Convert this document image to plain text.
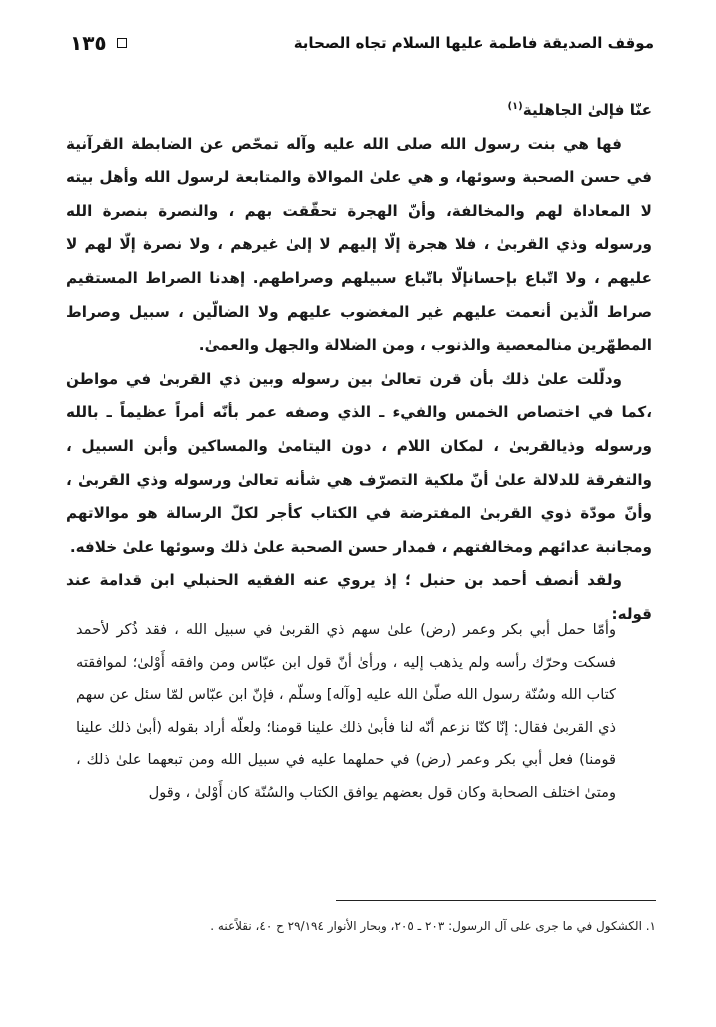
موقف الصديقة فاطمة عليها السلام تجاه الصحابة
١٣٥

عنّا فإلىٰ الجاهلية$^{(١)}$

فها هي بنت رسول الله صلى الله عليه وآله تمحّص عن الضابطة القرآنية في حسن الصحبة وسوئها، و هي علىٰ الموالاة والمتابعة لرسول الله وأهل بيته لا المعاداة لهم والمخالفة، وأنّ الهجرة تحقّقت بهم ، والنصرة بنصرة الله ورسوله وذي القربىٰ ، فلا هجرة إلّا إليهم لا إلىٰ غيرهم ، ولا نصرة إلّا لهم لا عليهم ، ولا اتّباع بإحسانإلّا باتّباع سبيلهم وصراطهم. إهدنا الصراط المستقيم صراط الّذين أنعمت عليهم غير المغضوب عليهم ولا الضالّين ، سبيل وصراط المطهّرين منالمعصية والذنوب ، ومن الضلالة والجهل والعمىٰ.

ودلّلت علىٰ ذلك بأن قرن تعالىٰ بين رسوله وبين ذي القربىٰ في مواطن ،كما في اختصاص الخمس والفيء ـ الذي وصفه عمر بأنّه أمراً عظيماً ـ بالله ورسوله وذيالقربىٰ ، لمكان اللام ، دون اليتامىٰ والمساكين وأبن السبيل ، والتفرقة للدلالة علىٰ أنّ ملكية التصرّف هي شأنه تعالىٰ ورسوله وذي القربىٰ ، وأنّ مودّة ذوي القربىٰ المفترضة في الكتاب كأجر لكلّ الرسالة هو موالاتهم ومجانبة عدائهم ومخالفتهم ، فمدار حسن الصحبة علىٰ ذلك وسوئها علىٰ خلافه.

ولقد أنصف أحمد بن حنبل ؛ إذ يروي عنه الفقيه الحنبلي ابن قدامة عند قوله:

وأمّا حمل أبي بكر وعمر (رض) علىٰ سهم ذي القربىٰ في سبيل الله ، فقد ذُكر لأحمد فسكت وحرّك رأسه ولم يذهب إليه ، ورأىٰ أنّ قول ابن عبّاس ومن وافقه أَوْلىٰ؛ لموافقته كتاب الله وسُنّة رسول الله صلّىٰ الله عليه [وآله] وسلّم ، فإنّ ابن عبّاس لمّا سئل عن سهم ذي القربىٰ فقال: إنّا كنّا نزعم أنّه لنا فأبىٰ ذلك علينا قومنا؛ ولعلّه أراد بقوله (أبىٰ ذلك علينا قومنا) فعل أبي بكر وعمر (رض) في حملهما عليه في سبيل الله ومن تبعهما علىٰ ذلك ، ومتىٰ اختلف الصحابة وكان قول بعضهم يوافق الكتاب والسُنّة كان أَوْلىٰ ، وقول

١. الكشكول في ما جرى على آل الرسول: ٢٠٣ ـ ٢٠٥، وبحار الأنوار ٢٩/١٩٤ ح ٤٠، نقلاًعنه .
